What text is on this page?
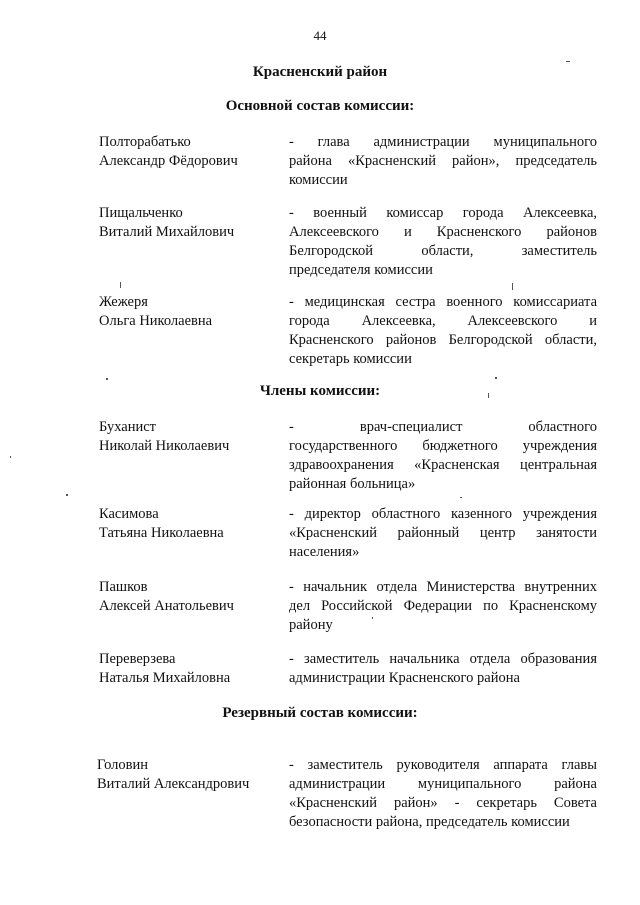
44
Красненский район
Основной состав комиссии:
Полторабатько
Александр Фёдорович
- глава администрации муниципального
района «Красненский район», председатель
комиссии
Пищальченко
Виталий Михайлович
- военный комиссар города Алексеевка,
Алексеевского и Красненского районов
Белгородской области, заместитель
председателя комиссии
Жежеря
Ольга Николаевна
- медицинская сестра военного комиссариата
города Алексеевка, Алексеевского и
Красненского районов Белгородской области,
секретарь комиссии
Члены комиссии:
Буханист
Николай Николаевич
- врач-специалист областного
государственного бюджетного учреждения
здравоохранения «Красненская центральная
районная больница»
Касимова
Татьяна Николаевна
- директор областного казенного учреждения
«Красненский районный центр занятости
населения»
Пашков
Алексей Анатольевич
- начальник отдела Министерства внутренних
дел Российской Федерации по Красненскому
району
Переверзева
Наталья Михайловна
- заместитель начальника отдела образования
администрации Красненского района
Резервный состав комиссии:
Головин
Виталий Александрович
- заместитель руководителя аппарата главы
администрации муниципального района
«Красненский район» - секретарь Совета
безопасности района, председатель комиссии
